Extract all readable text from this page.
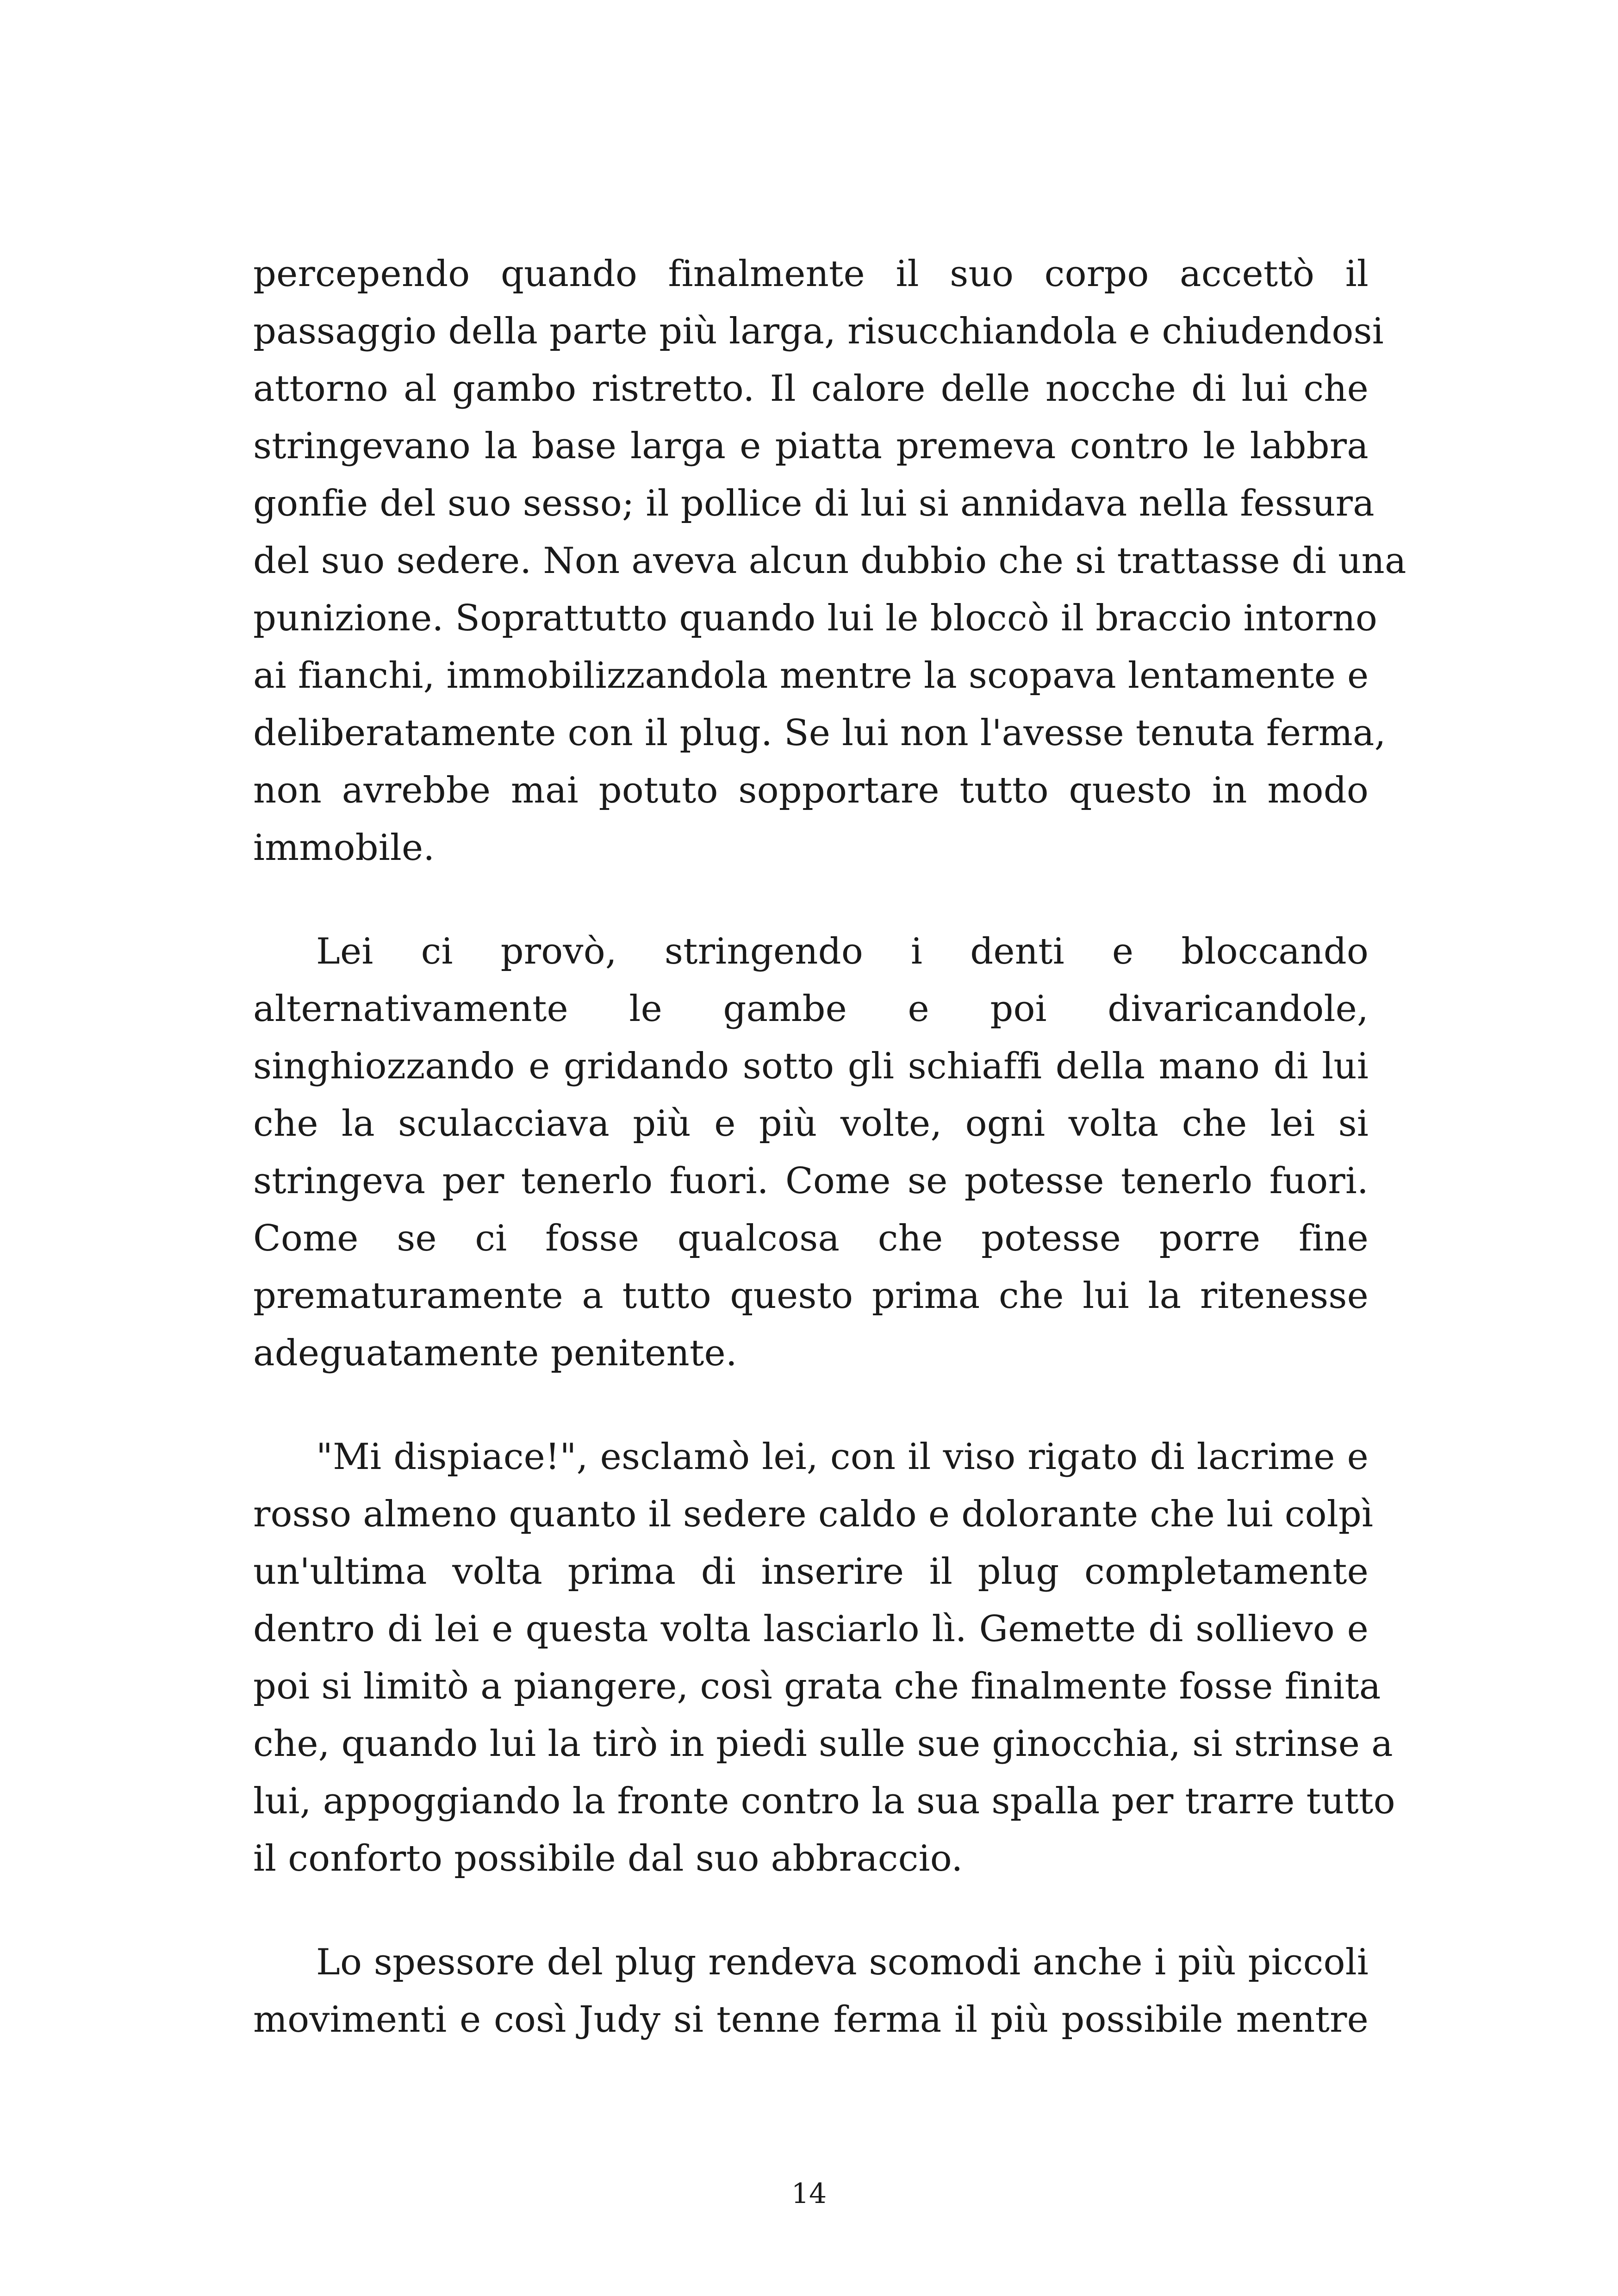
percependo quando finalmente il suo corpo accettò il
passaggio della parte più larga, risucchiandola e chiudendosi
attorno al gambo ristretto. Il calore delle nocche di lui che
stringevano la base larga e piatta premeva contro le labbra
gonfie del suo sesso; il pollice di lui si annidava nella fessura
del suo sedere. Non aveva alcun dubbio che si trattasse di una
punizione. Soprattutto quando lui le bloccò il braccio intorno
ai fianchi, immobilizzandola mentre la scopava lentamente e
deliberatamente con il plug. Se lui non l'avesse tenuta ferma,
non avrebbe mai potuto sopportare tutto questo in modo
immobile.

Lei ci provò, stringendo i denti e bloccando
alternativamente le gambe e poi divaricandole,
singhiozzando e gridando sotto gli schiaffi della mano di lui
che la sculacciava più e più volte, ogni volta che lei si
stringeva per tenerlo fuori. Come se potesse tenerlo fuori.
Come se ci fosse qualcosa che potesse porre fine
prematuramente a tutto questo prima che lui la ritenesse
adeguatamente penitente.

"Mi dispiace!", esclamò lei, con il viso rigato di lacrime e
rosso almeno quanto il sedere caldo e dolorante che lui colpì
un'ultima volta prima di inserire il plug completamente
dentro di lei e questa volta lasciarlo lì. Gemette di sollievo e
poi si limitò a piangere, così grata che finalmente fosse finita
che, quando lui la tirò in piedi sulle sue ginocchia, si strinse a
lui, appoggiando la fronte contro la sua spalla per trarre tutto
il conforto possibile dal suo abbraccio.

Lo spessore del plug rendeva scomodi anche i più piccoli
movimenti e così Judy si tenne ferma il più possibile mentre

14
